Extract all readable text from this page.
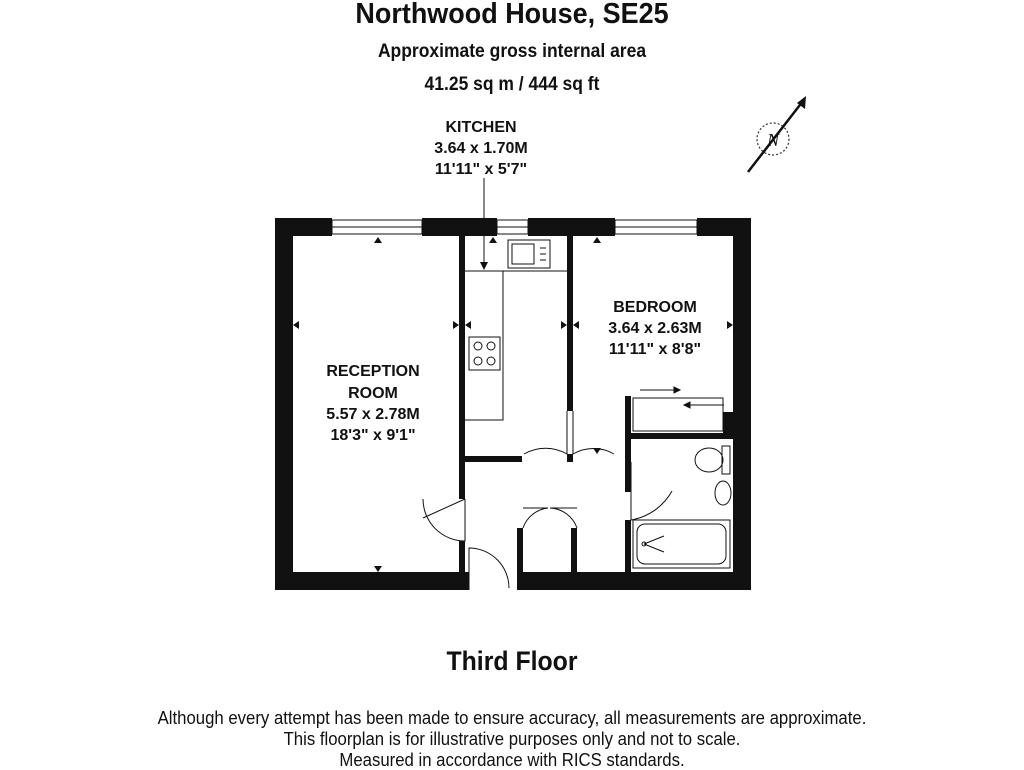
Northwood House, SE25
Approximate gross internal area
41.25 sq m / 444 sq ft
N
KITCHEN
3.64 x 1.70M
11'11" x 5'7"
BEDROOM
3.64 x 2.63M
11'11" x 8'8"
RECEPTION
ROOM
5.57 x 2.78M
18'3" x 9'1"
Third Floor
Although every attempt has been made to ensure accuracy, all measurements are approximate.
This floorplan is for illustrative purposes only and not to scale.
Measured in accordance with RICS standards.
